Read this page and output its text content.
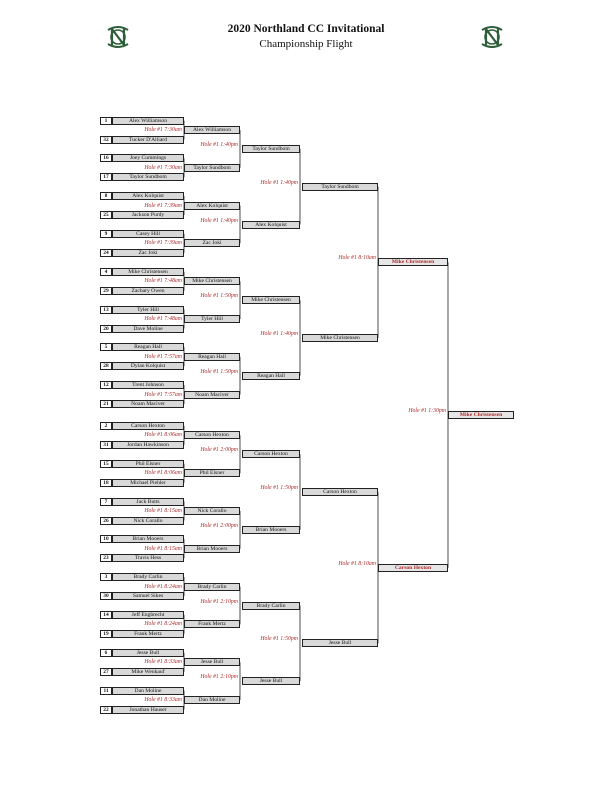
2020 Northland CC Invitational
Championship Flight
1	Alex Williamson
32	Tucker D'Alliard
Hole #1 7:30am
16	Joey Cummings
17	Taylor Sundbom
Hole #1 7:30am
8	Alex Kolquist
25	Jackson Purdy
Hole #1 7:39am
9	Casey Hill
24	Zac Joki
Hole #1 7:39am
4	Mike Christensen
29	Zachary Owen
Hole #1 7:48am
13	Tyler Hill
20	Dave Moline
Hole #1 7:48am
5	Reagan Hall
28	Dylan Kolquist
Hole #1 7:57am
12	Trent Johnson
21	Noam Maciver
Hole #1 7:57am
2	Carson Hexton
31	Jordan Hawkinson
Hole #1 8:06am
15	Phil Elsner
18	Michael Piehler
Hole #1 8:06am
7	Jack Butts
26	Nick Corallo
Hole #1 8:15am
10	Brian Mooers
23	Travis Hess
Hole #1 8:15am
3	Brady Carlin
30	Samuel Sikes
Hole #1 8:24am
14	Jeff Engbrecht
19	Frank Mertz
Hole #1 8:24am
6	Jesse Bull
27	Mike Wenkauf
Hole #1 8:33am
11	Dan Moline
22	Jonathan Hauser
Hole #1 8:33am
Alex Williamson
Taylor Sundbom
Alex Kolquist
Zac Joki
Mike Christensen
Tyler Hill
Reagan Hall
Noam Maciver
Carson Hexton
Phil Elsner
Nick Corallo
Brian Mooers
Brady Carlin
Frank Mertz
Jesse Bull
Dan Moline
Hole #1 1:40pm
Hole #1 1:40pm
Hole #1 1:50pm
Hole #1 1:50pm
Hole #1 2:00pm
Hole #1 2:00pm
Hole #1 2:10pm
Hole #1 2:10pm
Taylor Sundbom
Alex Kolquist
Mike Christensen
Reagan Hall
Carson Hexton
Brian Mooers
Brady Carlin
Jesse Bull
Hole #1 1:40pm
Hole #1 1:40pm
Hole #1 1:50pm
Hole #1 1:50pm
Taylor Sundbom
Mike Christensen
Carson Hexton
Jesse Bull
Hole #1 8:10am
Hole #1 8:10am
Mike Christensen
Carson Hexton
Hole #1 1:30pm
Mike Christensen
